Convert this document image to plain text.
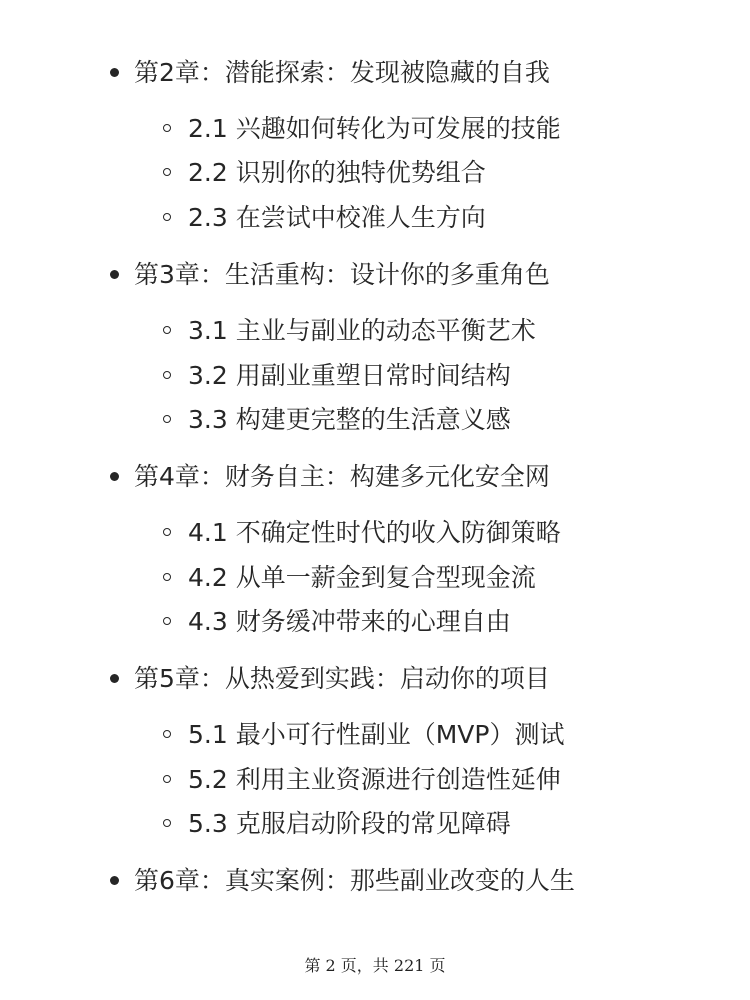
第2章：潜能探索：发现被隐藏的自我
2.1 兴趣如何转化为可发展的技能
2.2 识别你的独特优势组合
2.3 在尝试中校准人生方向
第3章：生活重构：设计你的多重角色
3.1 主业与副业的动态平衡艺术
3.2 用副业重塑日常时间结构
3.3 构建更完整的生活意义感
第4章：财务自主：构建多元化安全网
4.1 不确定性时代的收入防御策略
4.2 从单一薪金到复合型现金流
4.3 财务缓冲带来的心理自由
第5章：从热爱到实践：启动你的项目
5.1 最小可行性副业（MVP）测试
5.2 利用主业资源进行创造性延伸
5.3 克服启动阶段的常见障碍
第6章：真实案例：那些副业改变的人生
第 2 页，共 221 页
